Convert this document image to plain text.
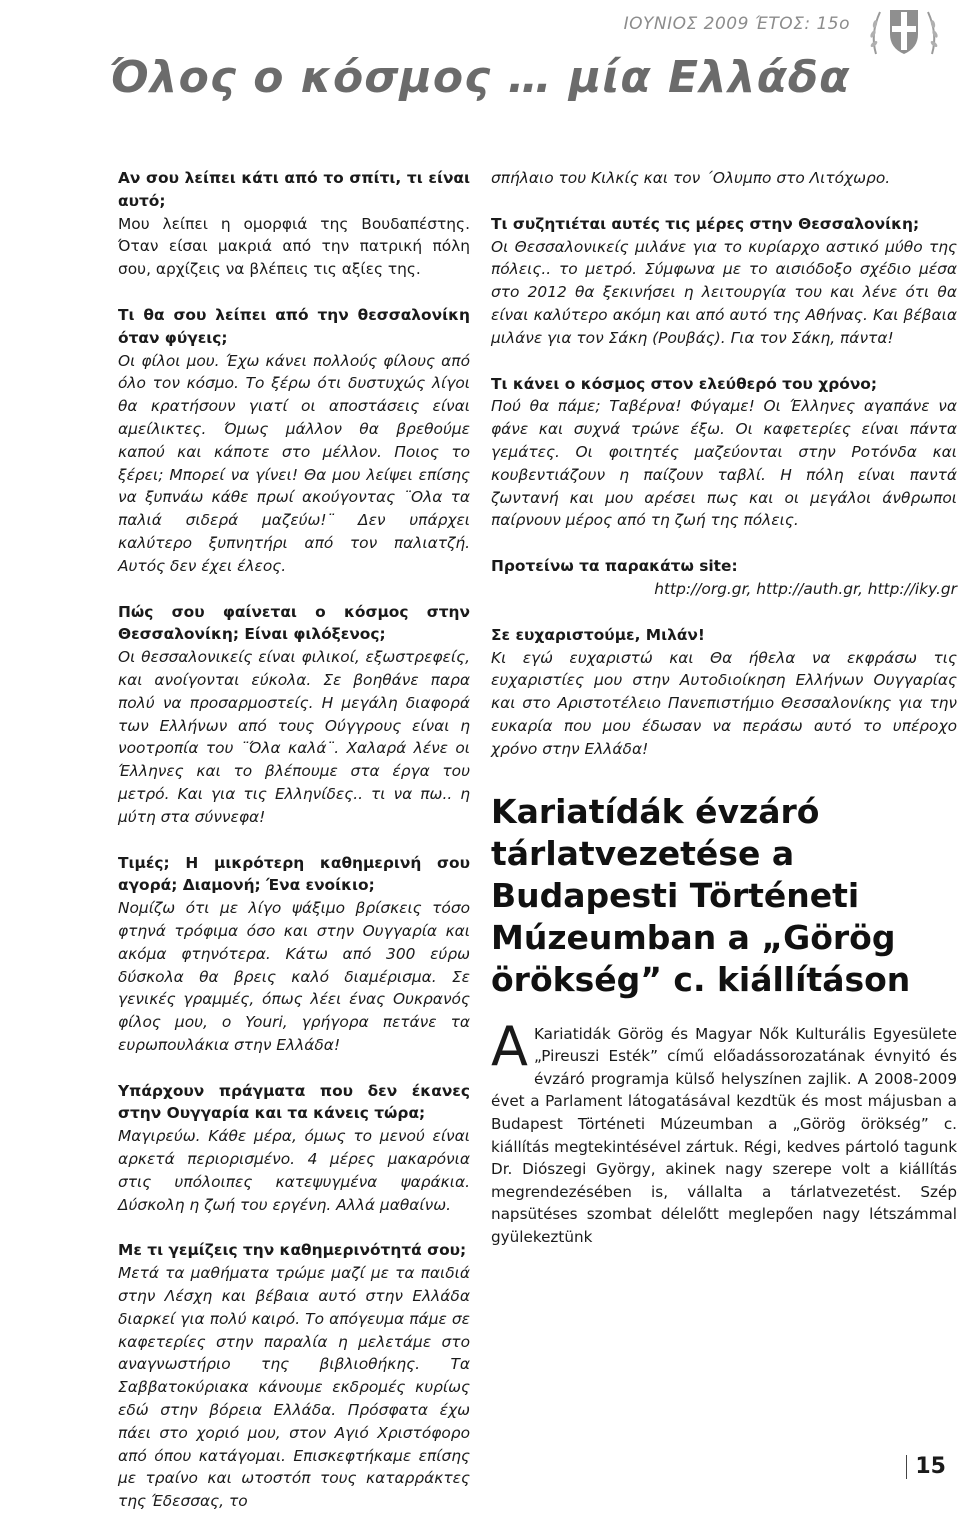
ΙΟΥΝΙΟΣ 2009 ΈΤΟΣ: 15ο
Όλος ο κόσμος … μία Ελλάδα

Αν σου λείπει κάτι από το σπίτι, τι είναι αυτό;
Μου λείπει η ομορφιά της Βουδαπέστης. Όταν είσαι μακριά από την πατρική πόλη σου, αρχίζεις να βλέπεις τις αξίες της.

Τι θα σου λείπει από την θεσσαλονίκη όταν φύγεις;
Οι φίλοι μου. Έχω κάνει πολλούς φίλους από όλο τον κόσμο. Το ξέρω ότι δυστυχώς λίγοι θα κρατήσουν γιατί οι αποστάσεις είναι αμείλικτες. Όμως μάλλον θα βρεθούμε καπού και κάποτε στο μέλλον. Ποιος το ξέρει; Μπορεί να γίνει! Θα μου λείψει επίσης να ξυπνάω κάθε πρωί ακούγοντας ¨Ολα τα παλιά σιδερά μαζεύω!¨ Δεν υπάρχει καλύτερο ξυπνητήρι από τον παλιατζή. Αυτός δεν έχει έλεος.

Πώς σου φαίνεται ο κόσμος στην Θεσσαλονίκη; Είναι φιλόξενος;
Οι θεσσαλονικείς είναι φιλικοί, εξωστρεφείς, και ανοίγονται εύκολα. Σε βοηθάνε παρα πολύ να προσαρμοστείς. Η μεγάλη διαφορά των Ελλήνων από τους Ούγγρους είναι η νοοτροπία του ¨Όλα καλά¨. Χαλαρά λένε οι Έλληνες και το βλέπουμε στα έργα του μετρό. Και για τις Ελληνίδες.. τι να πω.. η μύτη στα σύννεφα!

Τιμές; Η μικρότερη καθημερινή σου αγορά; Διαμονή; Ένα ενοίκιο;
Νομίζω ότι με λίγο ψάξιμο βρίσκεις τόσο φτηνά τρόφιμα όσο και στην Ουγγαρία και ακόμα φτηνότερα. Κάτω από 300 εύρω δύσκολα θα βρεις καλό διαμέρισμα. Σε γενικές γραμμές, όπως λέει ένας Ουκρανός φίλος μου, ο Youri, γρήγορα πετάνε τα ευρωπουλάκια στην Ελλάδα!

Υπάρχουν πράγματα που δεν έκανες στην Ουγγαρία και τα κάνεις τώρα;
Μαγιρεύω. Κάθε μέρα, όμως το μενού είναι αρκετά περιορισμένο. 4 μέρες μακαρόνια στις υπόλοιπες κατεψυγμένα ψαράκια. Δύσκολη η ζωή του εργένη. Αλλά μαθαίνω.

Με τι γεμίζεις την καθημερινότητά σου;
Μετά τα μαθήματα τρώμε μαζί με τα παιδιά στην Λέσχη και βέβαια αυτό στην Ελλάδα διαρκεί για πολύ καιρό. Το απόγευμα πάμε σε καφετερίες στην παραλία η μελετάμε στο αναγνωστήριο της βιβλιοθήκης. Τα Σαββατοκύριακα κάνουμε εκδρομές κυρίως εδώ στην βόρεια Ελλάδα. Πρόσφατα έχω πάει στο χοριό μου, στον Αγιό Χριστόφορο από όπου κατάγομαι. Επισκεφτήκαμε επίσης με τραίνο και ωτοστόπ τους καταρράκτες της Έδεσσας, το

σπήλαιο του Κιλκίς και τον ΄Ολυμπο στο Λιτόχωρο.

Τι συζητιέται αυτές τις μέρες στην Θεσσαλονίκη;
Οι Θεσσαλονικείς μιλάνε για το κυρίαρχο αστικό μύθο της πόλεις.. το μετρό. Σύμφωνα με το αισιόδοξο σχέδιο μέσα στο 2012 θα ξεκινήσει η λειτουργία του και λένε ότι θα είναι καλύτερο ακόμη και από αυτό της Αθήνας. Και βέβαια μιλάνε για τον Σάκη (Ρουβάς). Για τον Σάκη, πάντα!

Τι κάνει ο κόσμος στον ελεύθερό του χρόνο;
Πού θα πάμε; Ταβέρνα! Φύγαμε! Οι Έλληνες αγαπάνε να φάνε και συχνά τρώνε έξω. Οι καφετερίες είναι πάντα γεμάτες. Οι φοιτητές μαζεύονται στην Ροτόνδα και κουβεντιάζουν η παίζουν ταβλί. Η πόλη είναι παντά ζωντανή και μου αρέσει πως και οι μεγάλοι άνθρωποι παίρνουν μέρος από τη ζωή της πόλεις.

Προτείνω τα παρακάτω site:
http://org.gr, http://auth.gr, http://iky.gr

Σε ευχαριστούμε, Μιλάν!
Κι εγώ ευχαριστώ και Θα ήθελα να εκφράσω τις ευχαριστίες μου στην Αυτοδιοίκηση Ελλήνων Ουγγαρίας και στο Αριστοτέλειο Πανεπιστήμιο Θεσσαλονίκης για την ευκαρία που μου έδωσαν να περάσω αυτό το υπέροχο χρόνο στην Ελλάδα!

Kariatídák évzáró tárlatvezetése a Budapesti Történeti Múzeumban a „Görög örökség” c. kiállításon
A Kariatidák Görög és Magyar Nők Kulturális Egyesülete „Pireuszi Esték” című előadássorozatának évnyitó és évzáró programja külső helyszínen zajlik. A 2008-2009 évet a Parlament látogatásával kezdtük és most májusban a Budapest Történeti Múzeumban a „Görög örökség” c. kiállítás megtekintésével zártuk. Régi, kedves pártoló tagunk Dr. Diószegi György, akinek nagy szerepe volt a kiállítás megrendezésében is, vállalta a tárlatvezetést. Szép napsütéses szombat délelőtt meglepően nagy létszámmal gyülekeztünk
15
